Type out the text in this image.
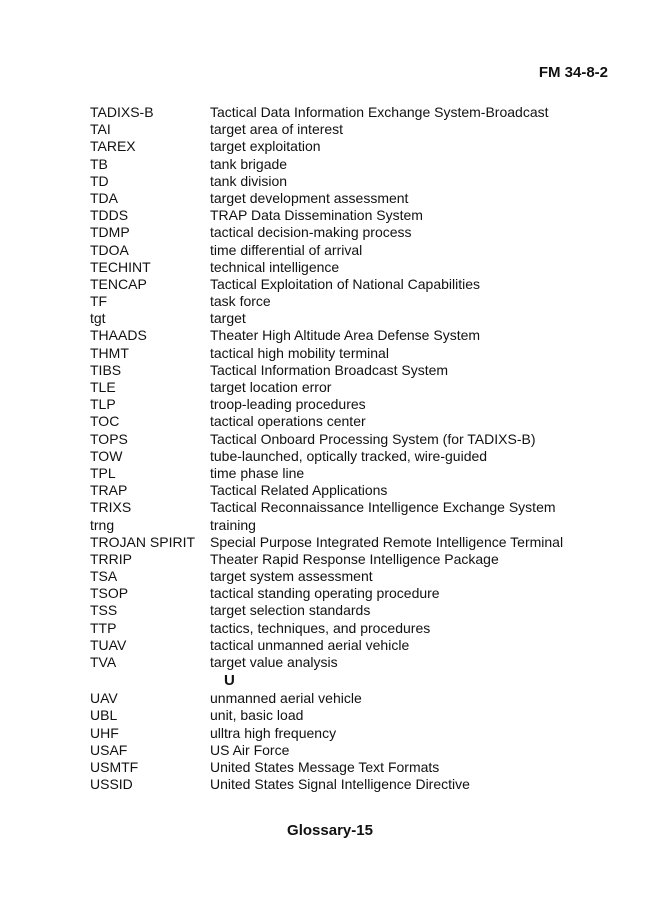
FM 34-8-2
TADIXS-B	Tactical Data Information Exchange System-Broadcast
TAI	target area of interest
TAREX	target exploitation
TB	tank brigade
TD	tank division
TDA	target development assessment
TDDS	TRAP Data Dissemination System
TDMP	tactical decision-making process
TDOA	time differential of arrival
TECHINT	technical intelligence
TENCAP	Tactical Exploitation of National Capabilities
TF	task force
tgt	target
THAADS	Theater High Altitude Area Defense System
THMT	tactical high mobility terminal
TIBS	Tactical Information Broadcast System
TLE	target location error
TLP	troop-leading procedures
TOC	tactical operations center
TOPS	Tactical Onboard Processing System (for TADIXS-B)
TOW	tube-launched, optically tracked, wire-guided
TPL	time phase line
TRAP	Tactical Related Applications
TRIXS	Tactical Reconnaissance Intelligence Exchange System
trng	training
TROJAN SPIRIT	Special Purpose Integrated Remote Intelligence Terminal
TRRIP	Theater Rapid Response Intelligence Package
TSA	target system assessment
TSOP	tactical standing operating procedure
TSS	target selection standards
TTP	tactics, techniques, and procedures
TUAV	tactical unmanned aerial vehicle
TVA	target value analysis
U
UAV	unmanned aerial vehicle
UBL	unit, basic load
UHF	ulltra high frequency
USAF	US Air Force
USMTF	United States Message Text Formats
USSID	United States Signal Intelligence Directive
Glossary-15
